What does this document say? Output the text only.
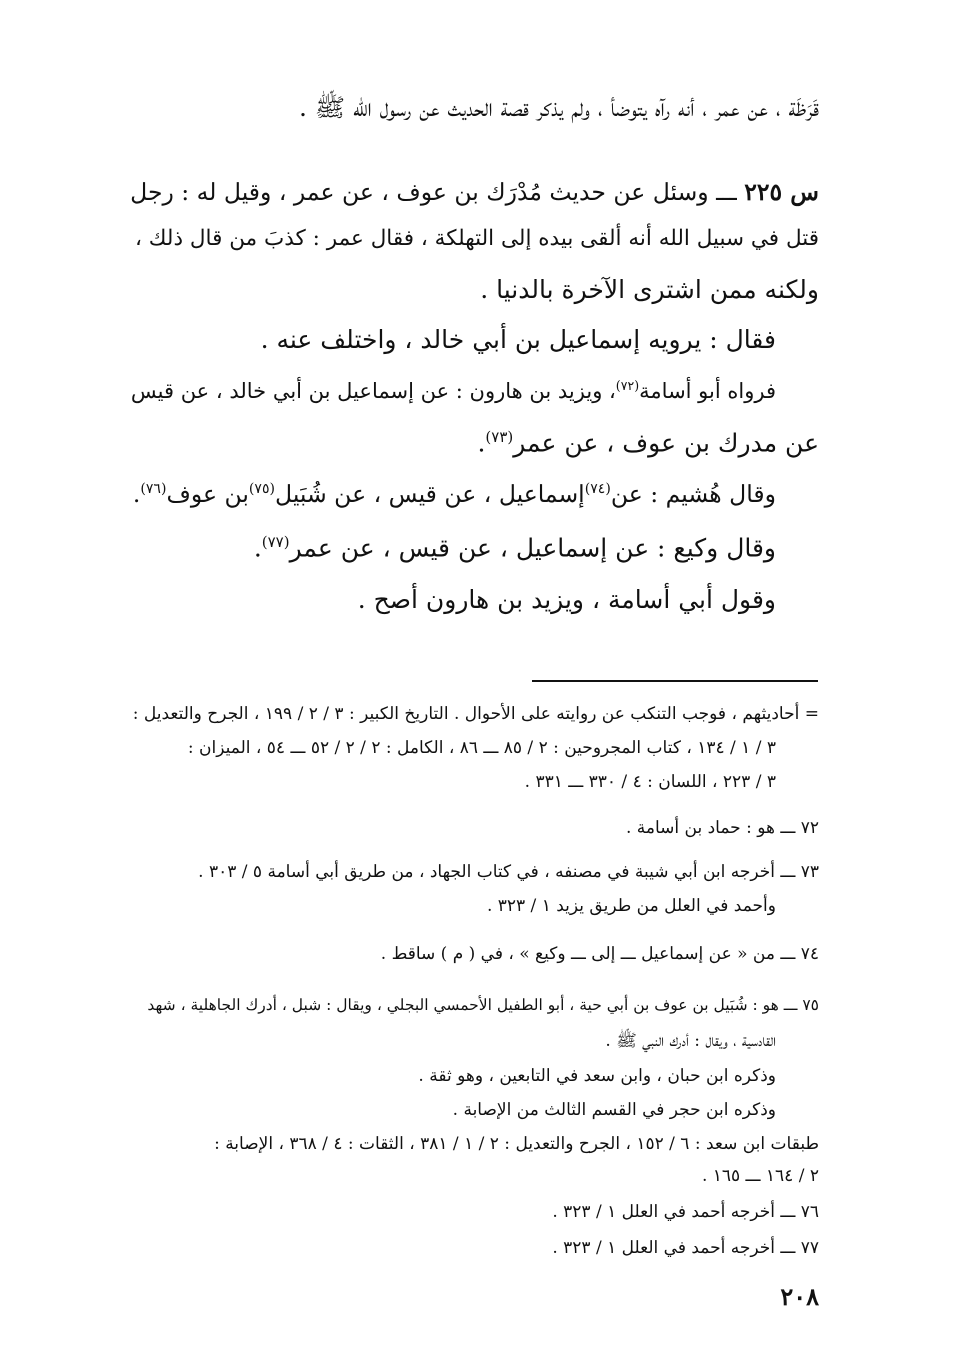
قَرَظَة ، عن عمر ، أنه رآه يتوضأ ، ولم يذكر قصة الحديث عن رسول الله ﷺ .
س ٢٢٥ ـــ وسئل عن حديث مُدْرَك بن عوف ، عن عمر ، وقيل له : رجل
قتل في سبيل الله أنه ألقى بيده إلى التهلكة ، فقال عمر : كذبَ من قال ذلك ،
ولكنه ممن اشترى الآخرة بالدنيا .
فقال : يرويه إسماعيل بن أبي خالد ، واختلف عنه .
فرواه أبو أسامة$^{(٧٢)}$، ويزيد بن هارون : عن إسماعيل بن أبي خالد ، عن قيس
عن مدرك بن عوف ، عن عمر$^{(٧٣)}$.
وقال هُشيم : عن$^{(٧٤)}$إسماعيل ، عن قيس ، عن شُبَيل$^{(٧٥)}$بن عوف$^{(٧٦)}$.
وقال وكيع : عن إسماعيل ، عن قيس ، عن عمر$^{(٧٧)}$.
وقول أبي أسامة ، ويزيد بن هارون أصح .
= أحاديثهم ، فوجب التنكب عن روايته على الأحوال . التاريخ الكبير : ٣ / ٢ / ١٩٩ ، الجرح والتعديل :
٣ / ١ / ١٣٤ ، كتاب المجروحين : ٢ / ٨٥ ـــ ٨٦ ، الكامل : ٢ / ٢ / ٥٢ ـــ ٥٤ ، الميزان :
٣ / ٢٢٣ ، اللسان : ٤ / ٣٣٠ ـــ ٣٣١ .
٧٢ ـــ هو : حماد بن أسامة .
٧٣ ـــ أخرجه ابن أبي شيبة في مصنفه ، في كتاب الجهاد ، من طريق أبي أسامة ٥ / ٣٠٣ .
وأحمد في العلل من طريق يزيد ١ / ٣٢٣ .
٧٤ ـــ من « عن إسماعيل ـــ إلى ـــ وكيع » ، في ( م ) ساقط .
٧٥ ـــ هو : شُبَيل بن عوف بن أبي حية ، أبو الطفيل الأحمسي البجلي ، ويقال : شبل ، أدرك الجاهلية ، شهد
القادسية ، ويقال : أدرك النبي ﷺ .
وذكره ابن حبان ، وابن سعد في التابعين ، وهو ثقة .
وذكره ابن حجر في القسم الثالث من الإصابة .
طبقات ابن سعد : ٦ / ١٥٢ ، الجرح والتعديل : ٢ / ١ / ٣٨١ ، الثقات : ٤ / ٣٦٨ ، الإصابة :
٢ / ١٦٤ ـــ ١٦٥ .
٧٦ ـــ أخرجه أحمد في العلل ١ / ٣٢٣ .
٧٧ ـــ أخرجه أحمد في العلل ١ / ٣٢٣ .
٢٠٨
